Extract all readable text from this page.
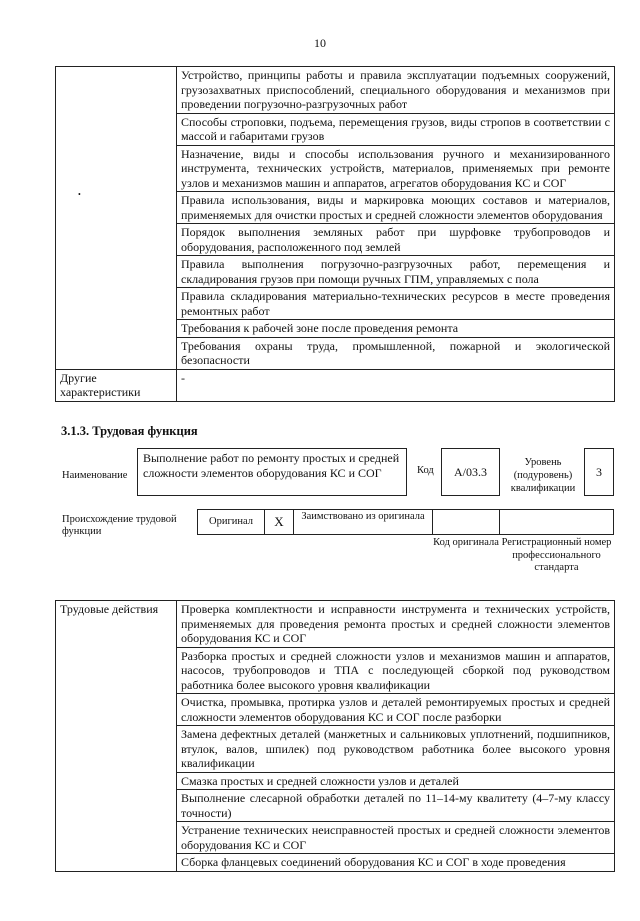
10
•	Устройство, принципы работы и правила эксплуатации подъемных сооружений, грузозахватных приспособлений, специального оборудования и механизмов при проведении погрузочно-разгрузочных работ
	Способы строповки, подъема, перемещения грузов, виды стропов в соответствии с массой и габаритами грузов
	Назначение, виды и способы использования ручного и механизированного инструмента, технических устройств, материалов, применяемых при ремонте узлов и механизмов машин и аппаратов, агрегатов оборудования КС и СОГ
	Правила использования, виды и маркировка моющих составов и материалов, применяемых для очистки простых и средней сложности элементов оборудования
	Порядок выполнения земляных работ при шурфовке трубопроводов и оборудования, расположенного под землей
	Правила выполнения погрузочно-разгрузочных работ, перемещения и складирования грузов при помощи ручных ГПМ, управляемых с пола
	Правила складирования материально-технических ресурсов в месте проведения ремонтных работ
	Требования к рабочей зоне после проведения ремонта
	Требования охраны труда, промышленной, пожарной и экологической безопасности
Другие характеристики	-
3.1.3. Трудовая функция
Наименование
Выполнение работ по ремонту простых и средней сложности элементов оборудования КС и СОГ	Код	А/03.3
Уровень (подуровень) квалификации
3
Происхождение трудовой функции
Оригинал	X	Заимствовано из оригинала
Код оригинала Регистрационный номер профессионального стандарта
Трудовые действия	Проверка комплектности и исправности инструмента и технических устройств, применяемых для проведения ремонта простых и средней сложности элементов оборудования КС и СОГ
Разборка простых и средней сложности узлов и механизмов машин и аппаратов, насосов, трубопроводов и ТПА с последующей сборкой под руководством работника более высокого уровня квалификации
Очистка, промывка, протирка узлов и деталей ремонтируемых простых и средней сложности элементов оборудования КС и СОГ после разборки
Замена дефектных деталей (манжетных и сальниковых уплотнений, подшипников, втулок, валов, шпилек) под руководством работника более высокого уровня квалификации
Смазка простых и средней сложности узлов и деталей
Выполнение слесарной обработки деталей по 11–14-му квалитету (4–7-му классу точности)
Устранение технических неисправностей простых и средней сложности элементов оборудования КС и СОГ
Сборка фланцевых соединений оборудования КС и СОГ в ходе проведения
